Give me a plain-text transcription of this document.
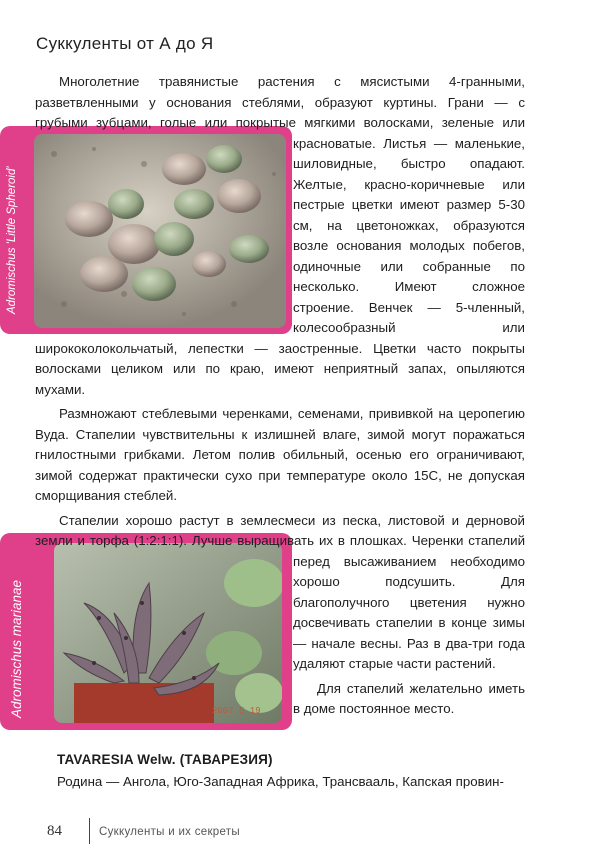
Суккуленты от А до Я
Adromischus 'Little Spheroid'
2007 5 19
Adromischus marianae

Многолетние травянистые растения с мясистыми 4-гранными, разветвленными у основания стеблями, образуют куртины. Грани — с грубыми зубцами, голые или покрытые мягкими волосками, зеленые или красноватые. Листья — маленькие, шиловидные, быстро опадают. Желтые, красно-коричневые или пестрые цветки имеют размер 5-30 см, на цветоножках, образуются возле основания молодых побегов, одиночные или собранные по несколько. Имеют сложное строение. Венчек — 5-членный, колесообразный или ширококолокольчатый, лепестки — заостренные. Цветки часто покрыты волосками целиком или по краю, имеют неприятный запах, опыляются мухами.

Размножают стеблевыми черенками, семенами, прививкой на церопегию Вуда. Стапелии чувствительны к излишней влаге, зимой могут поражаться гнилостными грибками. Летом полив обильный, осенью его ограничивают, зимой содержат практически сухо при температуре около 15С, не допуская сморщивания стеблей.

Стапелии хорошо растут в землесмеси из песка, листовой и дерновой земли и торфа (1:2:1:1). Лучше выращивать их в плошках. Черенки стапелий
перед высаживанием необходимо хорошо подсушить. Для благополучного цветения нужно досвечивать стапелии в конце зимы — начале весны. Раз в два-три года удаляют старые части растений.

Для стапелий желательно иметь в доме постоянное место.

TAVARESIA Welw. (ТАВАРЕЗИЯ)
Родина — Ангола, Юго-Западная Африка, Трансвааль, Капская провин-
84	Суккуленты и их секреты
